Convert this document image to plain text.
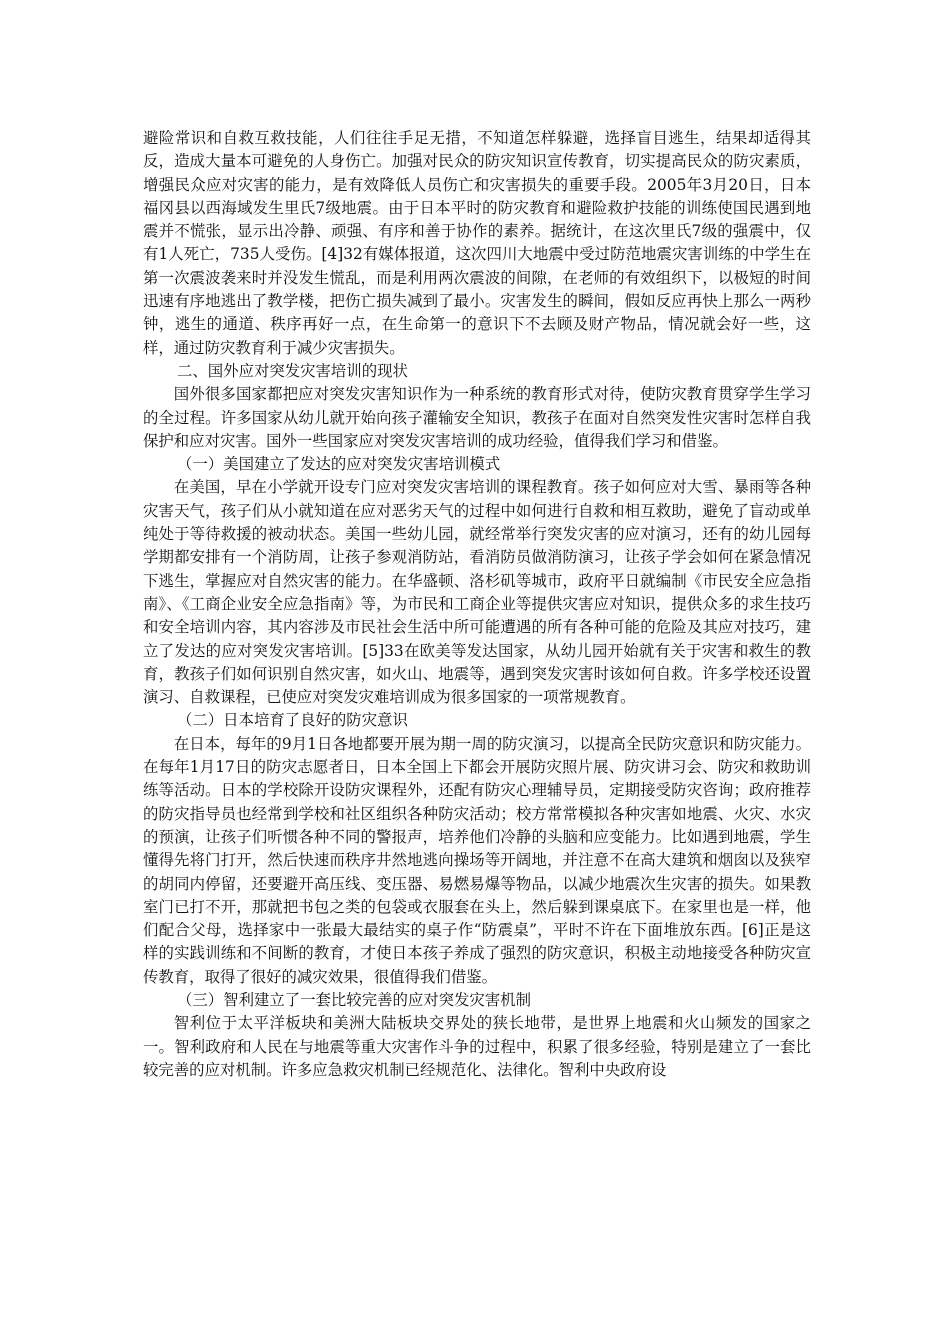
避险常识和自救互救技能，人们往往手足无措，不知道怎样躲避，选择盲目逃生，结果却适得其反，造成大量本可避免的人身伤亡。加强对民众的防灾知识宣传教育，切实提高民众的防灾素质，增强民众应对灾害的能力，是有效降低人员伤亡和灾害损失的重要手段。2005年3月20日，日本福冈县以西海域发生里氏7级地震。由于日本平时的防灾教育和避险救护技能的训练使国民遇到地震并不慌张，显示出冷静、顽强、有序和善于协作的素养。据统计，在这次里氏7级的强震中，仅有1人死亡，735人受伤。[4]32有媒体报道，这次四川大地震中受过防范地震灾害训练的中学生在第一次震波袭来时并没发生慌乱，而是利用两次震波的间隙，在老师的有效组织下，以极短的时间迅速有序地逃出了教学楼，把伤亡损失减到了最小。灾害发生的瞬间，假如反应再快上那么一两秒钟，逃生的通道、秩序再好一点，在生命第一的意识下不去顾及财产物品，情况就会好一些，这样，通过防灾教育利于减少灾害损失。

二、国外应对突发灾害培训的现状

国外很多国家都把应对突发灾害知识作为一种系统的教育形式对待，使防灾教育贯穿学生学习的全过程。许多国家从幼儿就开始向孩子灌输安全知识，教孩子在面对自然突发性灾害时怎样自我保护和应对灾害。国外一些国家应对突发灾害培训的成功经验，值得我们学习和借鉴。

（一）美国建立了发达的应对突发灾害培训模式

在美国，早在小学就开设专门应对突发灾害培训的课程教育。孩子如何应对大雪、暴雨等各种灾害天气，孩子们从小就知道在应对恶劣天气的过程中如何进行自救和相互救助，避免了盲动或单纯处于等待救援的被动状态。美国一些幼儿园，就经常举行突发灾害的应对演习，还有的幼儿园每学期都安排有一个消防周，让孩子参观消防站，看消防员做消防演习，让孩子学会如何在紧急情况下逃生，掌握应对自然灾害的能力。在华盛顿、洛杉矶等城市，政府平日就编制《市民安全应急指南》、《工商企业安全应急指南》等，为市民和工商企业等提供灾害应对知识，提供众多的求生技巧和安全培训内容，其内容涉及市民社会生活中所可能遭遇的所有各种可能的危险及其应对技巧，建立了发达的应对突发灾害培训。[5]33在欧美等发达国家，从幼儿园开始就有关于灾害和救生的教育，教孩子们如何识别自然灾害，如火山、地震等，遇到突发灾害时该如何自救。许多学校还设置演习、自救课程，已使应对突发灾难培训成为很多国家的一项常规教育。

（二）日本培育了良好的防灾意识

在日本，每年的9月1日各地都要开展为期一周的防灾演习，以提高全民防灾意识和防灾能力。在每年1月17日的防灾志愿者日，日本全国上下都会开展防灾照片展、防灾讲习会、防灾和救助训练等活动。日本的学校除开设防灾课程外，还配有防灾心理辅导员，定期接受防灾咨询；政府推荐的防灾指导员也经常到学校和社区组织各种防灾活动；校方常常模拟各种灾害如地震、火灾、水灾的预演，让孩子们听惯各种不同的警报声，培养他们冷静的头脑和应变能力。比如遇到地震，学生懂得先将门打开，然后快速而秩序井然地逃向操场等开阔地，并注意不在高大建筑和烟囱以及狭窄的胡同内停留，还要避开高压线、变压器、易燃易爆等物品，以减少地震次生灾害的损失。如果教室门已打不开，那就把书包之类的包袋或衣服套在头上，然后躲到课桌底下。在家里也是一样，他们配合父母，选择家中一张最大最结实的桌子作“防震桌”，平时不许在下面堆放东西。[6]正是这样的实践训练和不间断的教育，才使日本孩子养成了强烈的防灾意识，积极主动地接受各种防灾宣传教育，取得了很好的减灾效果，很值得我们借鉴。

（三）智利建立了一套比较完善的应对突发灾害机制

智利位于太平洋板块和美洲大陆板块交界处的狭长地带，是世界上地震和火山频发的国家之一。智利政府和人民在与地震等重大灾害作斗争的过程中，积累了很多经验，特别是建立了一套比较完善的应对机制。许多应急救灾机制已经规范化、法律化。智利中央政府设
